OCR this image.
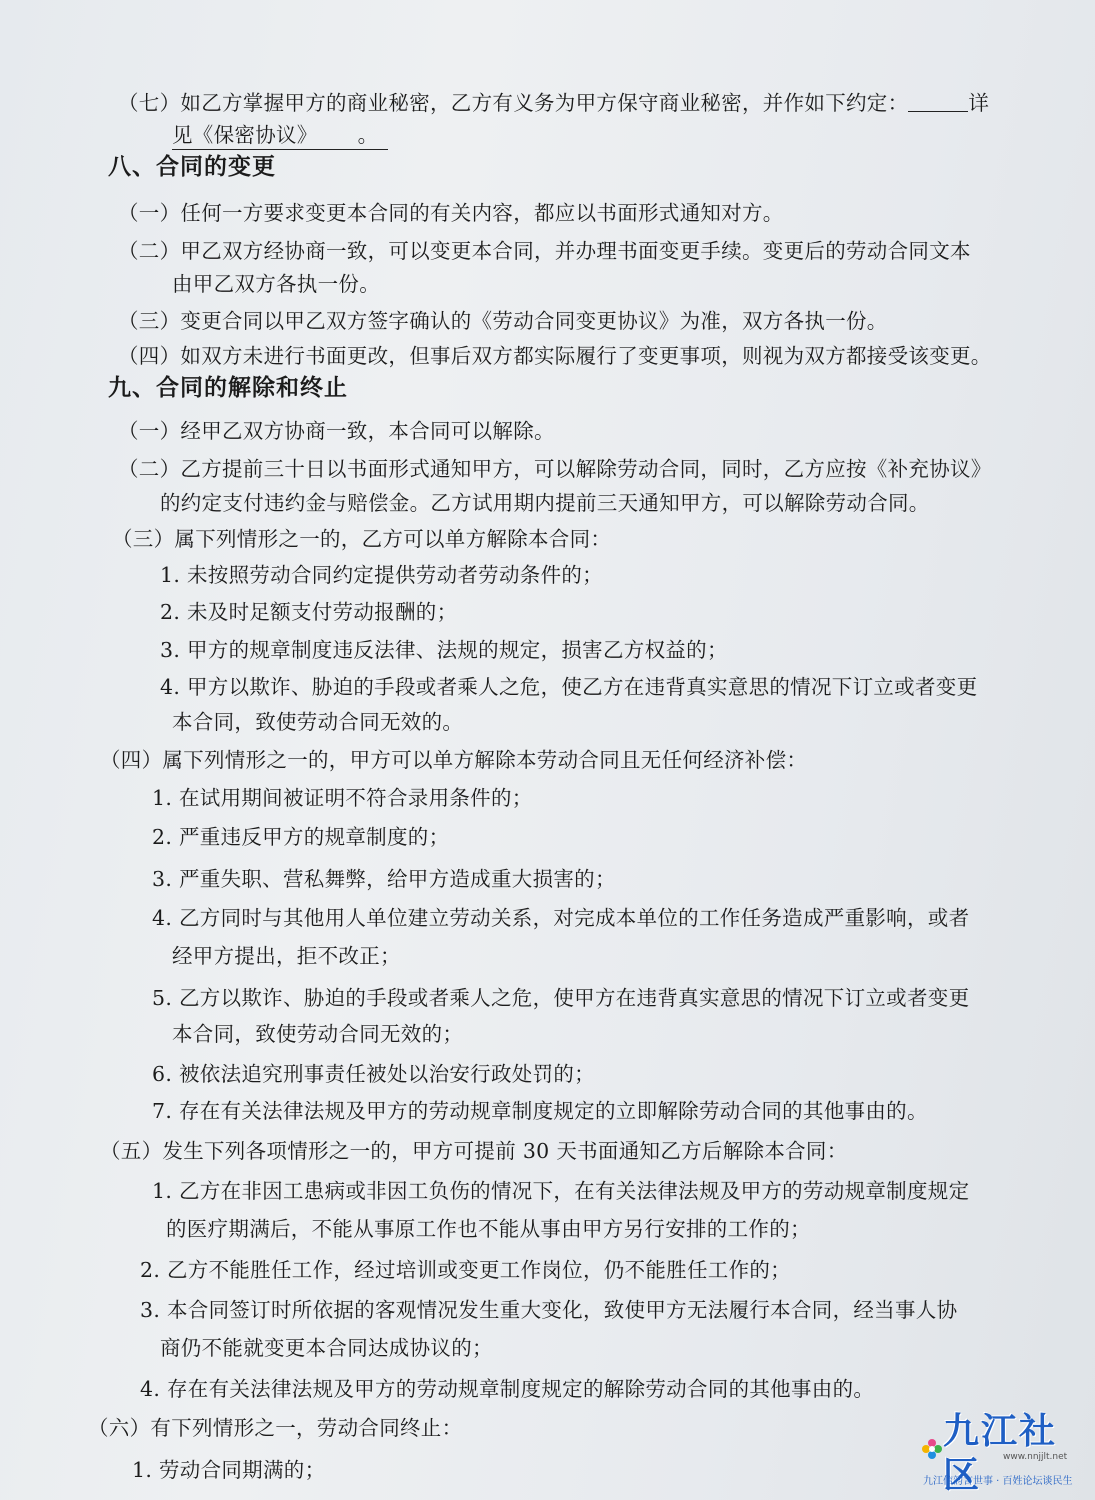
（七）如乙方掌握甲方的商业秘密，乙方有义务为甲方保守商业秘密，并作如下约定：	详
见《保密协议》 。
八、合同的变更
（一）任何一方要求变更本合同的有关内容，都应以书面形式通知对方。
（二）甲乙双方经协商一致，可以变更本合同，并办理书面变更手续。变更后的劳动合同文本
由甲乙双方各执一份。
（三）变更合同以甲乙双方签字确认的《劳动合同变更协议》为准，双方各执一份。
（四）如双方未进行书面更改，但事后双方都实际履行了变更事项，则视为双方都接受该变更。
九、合同的解除和终止
（一）经甲乙双方协商一致，本合同可以解除。
（二）乙方提前三十日以书面形式通知甲方，可以解除劳动合同，同时，乙方应按《补充协议》
的约定支付违约金与赔偿金。乙方试用期内提前三天通知甲方，可以解除劳动合同。
（三）属下列情形之一的，乙方可以单方解除本合同：
1. 未按照劳动合同约定提供劳动者劳动条件的；
2. 未及时足额支付劳动报酬的；
3. 甲方的规章制度违反法律、法规的规定，损害乙方权益的；
4. 甲方以欺诈、胁迫的手段或者乘人之危，使乙方在违背真实意思的情况下订立或者变更
本合同，致使劳动合同无效的。
（四）属下列情形之一的，甲方可以单方解除本劳动合同且无任何经济补偿：
1. 在试用期间被证明不符合录用条件的；
2. 严重违反甲方的规章制度的；
3. 严重失职、营私舞弊，给甲方造成重大损害的；
4. 乙方同时与其他用人单位建立劳动关系，对完成本单位的工作任务造成严重影响，或者
经甲方提出，拒不改正；
5. 乙方以欺诈、胁迫的手段或者乘人之危，使甲方在违背真实意思的情况下订立或者变更
本合同，致使劳动合同无效的；
6. 被依法追究刑事责任被处以治安行政处罚的；
7. 存在有关法律法规及甲方的劳动规章制度规定的立即解除劳动合同的其他事由的。
（五）发生下列各项情形之一的，甲方可提前 30 天书面通知乙方后解除本合同：
1. 乙方在非因工患病或非因工负伤的情况下，在有关法律法规及甲方的劳动规章制度规定
的医疗期满后，不能从事原工作也不能从事由甲方另行安排的工作的；
2. 乙方不能胜任工作，经过培训或变更工作岗位，仍不能胜任工作的；
3. 本合同签订时所依据的客观情况发生重大变化，致使甲方无法履行本合同，经当事人协
商仍不能就变更本合同达成协议的；
4. 存在有关法律法规及甲方的劳动规章制度规定的解除劳动合同的其他事由的。
（六）有下列情形之一，劳动合同终止：
1. 劳动合同期满的；
九江社区	www.nnjjlt.net
九江信韵言世事 · 百姓论坛谈民生
